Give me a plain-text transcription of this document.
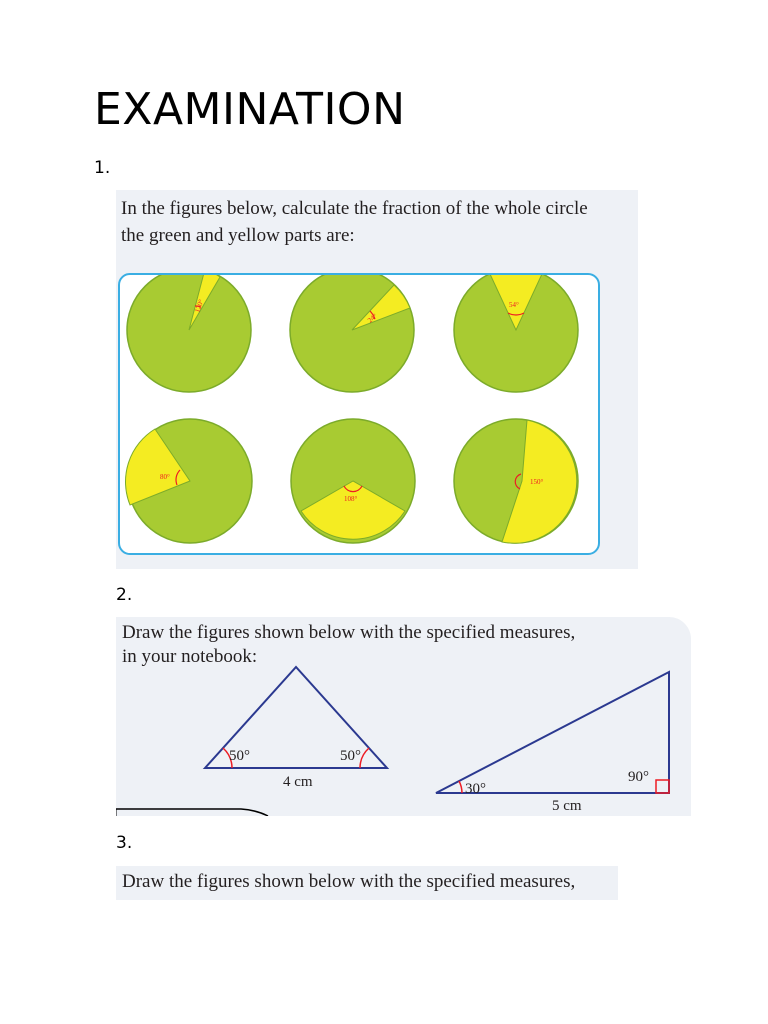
EXAMINATION
1.
In the figures below, calculate the fraction of the whole circle
the green and yellow parts are:
120°
24°
54°
80°
108°
150°
2.
Draw the figures shown below with the specified measures,
in your notebook:
50°	50°
4 cm	30°
90°
5 cm
3.
Draw the figures shown below with the specified measures,
